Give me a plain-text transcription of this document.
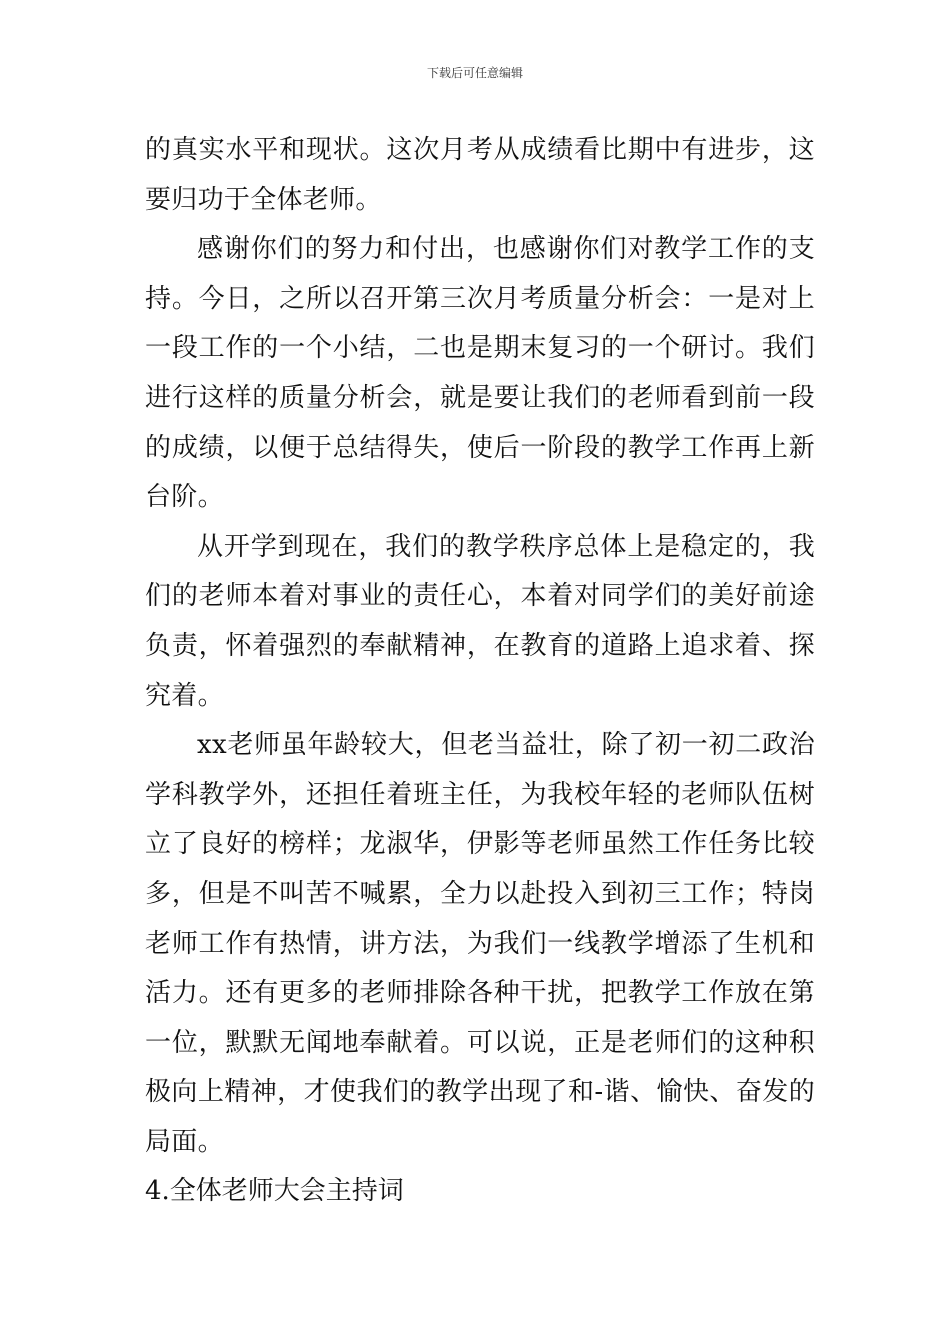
下载后可任意编辑

的真实水平和现状。这次月考从成绩看比期中有进步，这要归功于全体老师。

感谢你们的努力和付出，也感谢你们对教学工作的支持。今日，之所以召开第三次月考质量分析会：一是对上一段工作的一个小结，二也是期末复习的一个研讨。我们进行这样的质量分析会，就是要让我们的老师看到前一段的成绩，以便于总结得失，使后一阶段的教学工作再上新台阶。

从开学到现在，我们的教学秩序总体上是稳定的，我们的老师本着对事业的责任心，本着对同学们的美好前途负责，怀着强烈的奉献精神，在教育的道路上追求着、探究着。

xx老师虽年龄较大，但老当益壮，除了初一初二政治学科教学外，还担任着班主任，为我校年轻的老师队伍树立了良好的榜样；龙淑华，伊影等老师虽然工作任务比较多，但是不叫苦不喊累，全力以赴投入到初三工作；特岗老师工作有热情，讲方法，为我们一线教学增添了生机和活力。还有更多的老师排除各种干扰，把教学工作放在第一位，默默无闻地奉献着。可以说，正是老师们的这种积极向上精神，才使我们的教学出现了和-谐、愉快、奋发的局面。

4.全体老师大会主持词
